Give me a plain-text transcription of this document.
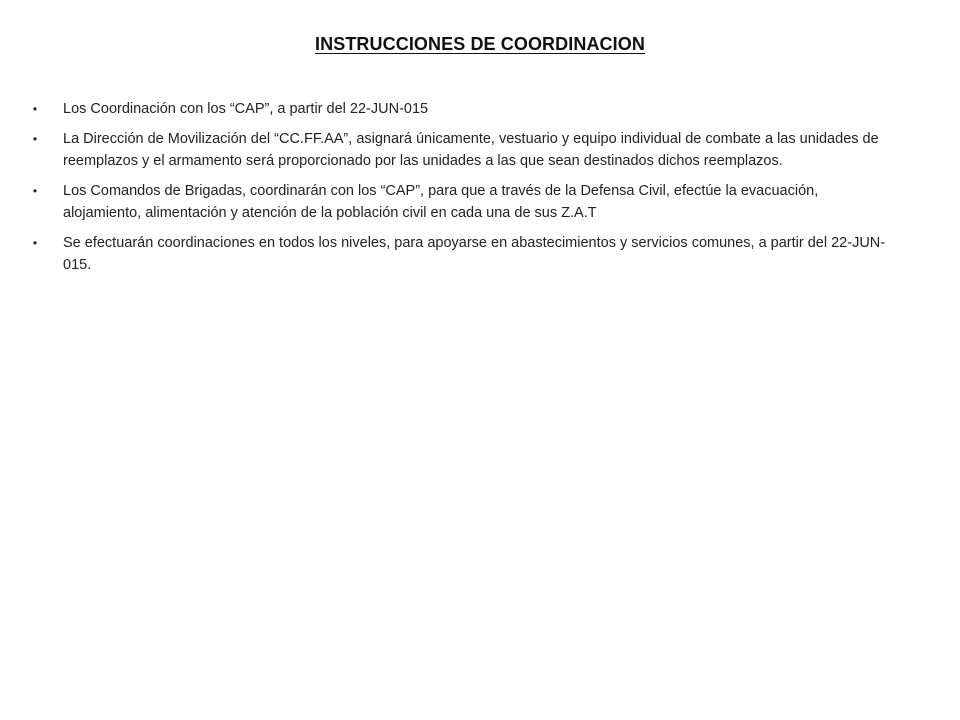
INSTRUCCIONES DE COORDINACION
• Los Coordinación con los “CAP”, a partir del 22-JUN-015
• La Dirección de Movilización del “CC.FF.AA”, asignará únicamente, vestuario y equipo individual de combate a las unidades de reemplazos y el armamento será proporcionado por las unidades a las que sean destinados dichos reemplazos.
• Los Comandos de Brigadas, coordinarán con los “CAP”, para que a través de la Defensa Civil, efectúe la evacuación, alojamiento, alimentación y atención de la población civil en cada una de sus Z.A.T
• Se efectuarán coordinaciones en todos los niveles, para apoyarse en abastecimientos y servicios comunes, a partir del 22-JUN-015.
